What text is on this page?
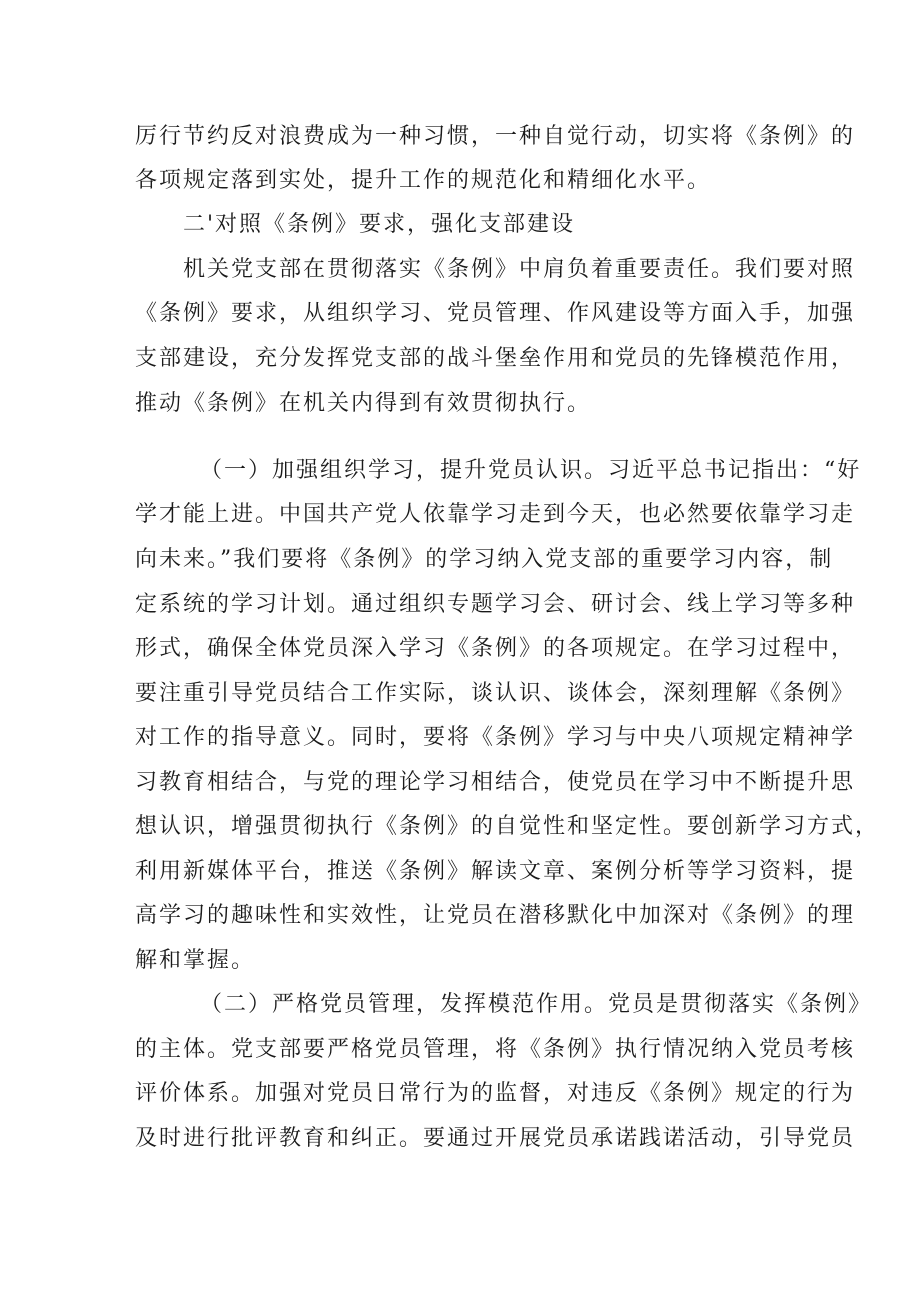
厉行节约反对浪费成为一种习惯，一种自觉行动，切实将《条例》的
各项规定落到实处，提升工作的规范化和精细化水平。
二'对照《条例》要求，强化支部建设
机关党支部在贯彻落实《条例》中肩负着重要责任。我们要对照
《条例》要求，从组织学习、党员管理、作风建设等方面入手，加强
支部建设，充分发挥党支部的战斗堡垒作用和党员的先锋模范作用，
推动《条例》在机关内得到有效贯彻执行。
（一）加强组织学习，提升党员认识。习近平总书记指出：“好
学才能上进。中国共产党人依靠学习走到今天，也必然要依靠学习走
向未来。”我们要将《条例》的学习纳入党支部的重要学习内容，制
定系统的学习计划。通过组织专题学习会、研讨会、线上学习等多种
形式，确保全体党员深入学习《条例》的各项规定。在学习过程中，
要注重引导党员结合工作实际，谈认识、谈体会，深刻理解《条例》
对工作的指导意义。同时，要将《条例》学习与中央八项规定精神学
习教育相结合，与党的理论学习相结合，使党员在学习中不断提升思
想认识，增强贯彻执行《条例》的自觉性和坚定性。要创新学习方式，
利用新媒体平台，推送《条例》解读文章、案例分析等学习资料，提
高学习的趣味性和实效性，让党员在潜移默化中加深对《条例》的理
解和掌握。
（二）严格党员管理，发挥模范作用。党员是贯彻落实《条例》
的主体。党支部要严格党员管理，将《条例》执行情况纳入党员考核
评价体系。加强对党员日常行为的监督，对违反《条例》规定的行为
及时进行批评教育和纠正。要通过开展党员承诺践诺活动，引导党员
